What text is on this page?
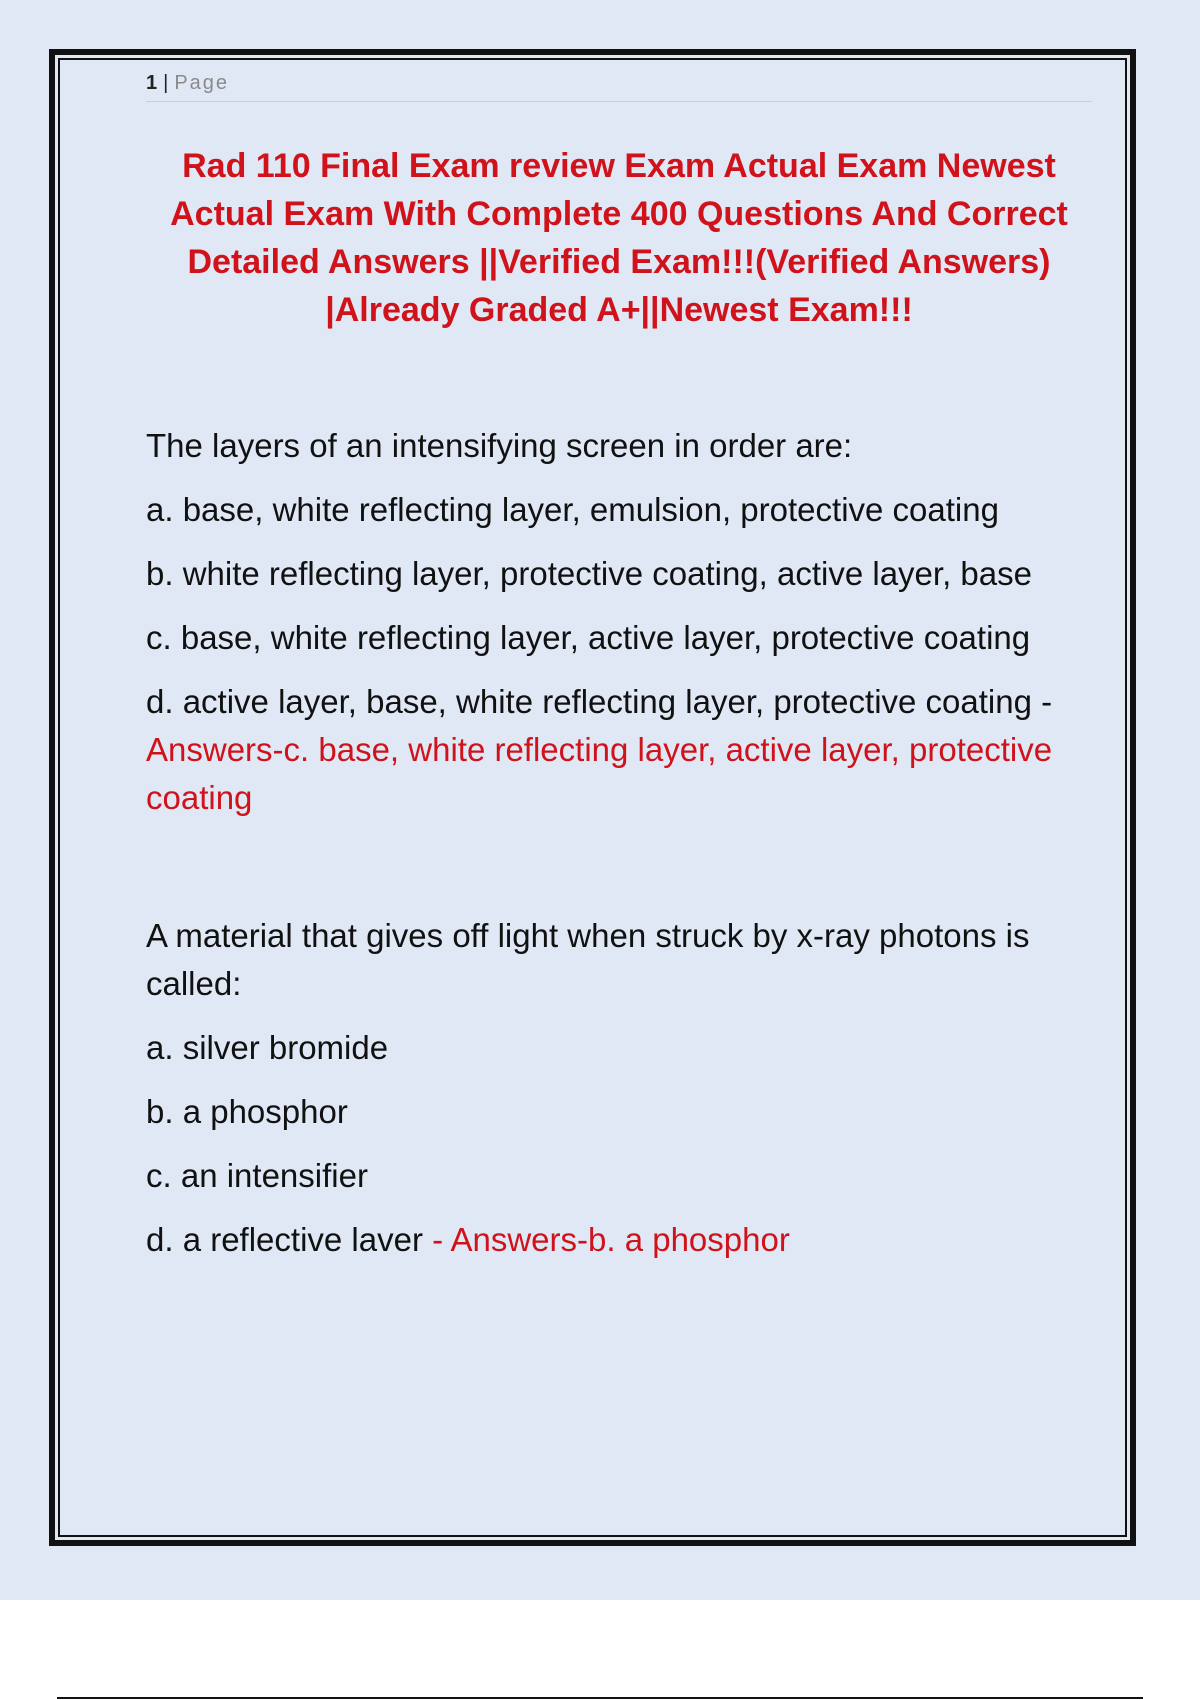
1 | Page
Rad 110 Final Exam review Exam Actual Exam Newest Actual Exam With Complete 400 Questions And Correct Detailed Answers ||Verified Exam!!!(Verified Answers) |Already Graded A+||Newest Exam!!!
The layers of an intensifying screen in order are:
a. base, white reflecting layer, emulsion, protective coating
b. white reflecting layer, protective coating, active layer, base
c. base, white reflecting layer, active layer, protective coating
d. active layer, base, white reflecting layer, protective coating - Answers-c. base, white reflecting layer, active layer, protective coating
A material that gives off light when struck by x-ray photons is called:
a. silver bromide
b. a phosphor
c. an intensifier
d. a reflective laver - Answers-b. a phosphor
